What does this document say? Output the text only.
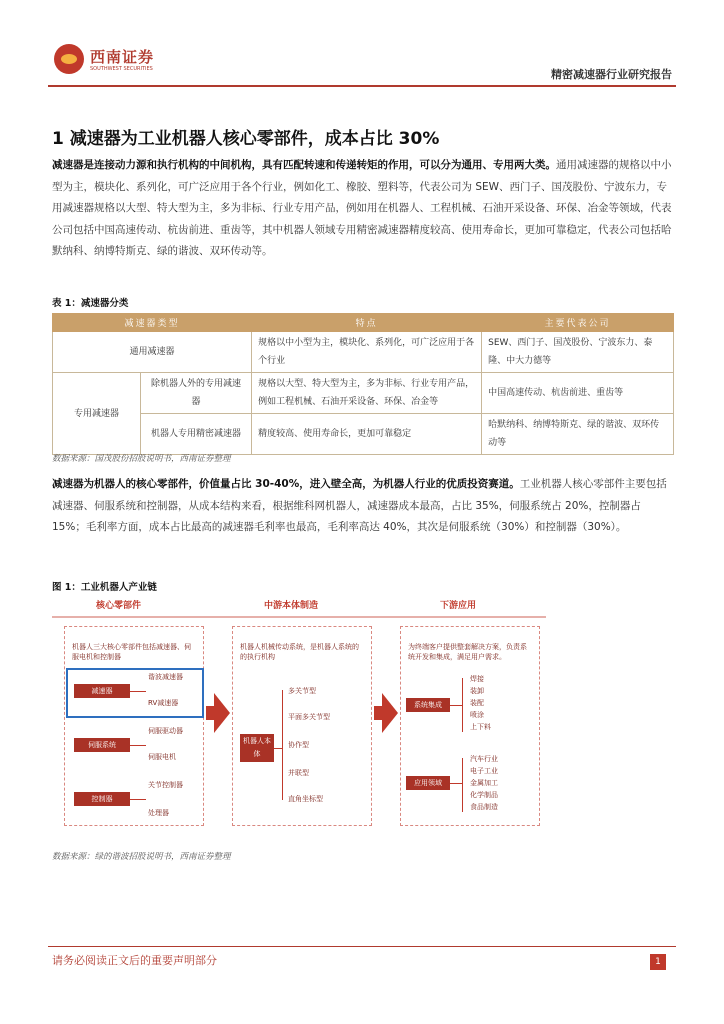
西南证券
SOUTHWEST SECURITIES	精密减速器行业研究报告
1 减速器为工业机器人核心零部件，成本占比 30%
减速器是连接动力源和执行机构的中间机构，具有匹配转速和传递转矩的作用，可以分为通用、专用两大类。通用减速器的规格以中小型为主，模块化、系列化，可广泛应用于各个行业，例如化工、橡胶、塑料等，代表公司为 SEW、西门子、国茂股份、宁波东力，专用减速器规格以大型、特大型为主，多为非标、行业专用产品，例如用在机器人、工程机械、石油开采设备、环保、冶金等领域，代表公司包括中国高速传动、杭齿前进、重齿等，其中机器人领域专用精密减速器精度较高、使用寿命长，更加可靠稳定，代表公司包括哈默纳科、纳博特斯克、绿的谐波、双环传动等。
表 1：减速器分类
减速器类型		特点	主要代表公司
通用减速器		规格以中小型为主，模块化、系列化，可广泛应用于各个行业	SEW、西门子、国茂股份、宁波东力、泰隆、中大力德等
专用减速器	除机器人外的专用减速器	规格以大型、特大型为主，多为非标、行业专用产品，例如工程机械、石油开采设备、环保、冶金等	中国高速传动、杭齿前进、重齿等
	机器人专用精密减速器	精度较高、使用寿命长，更加可靠稳定	哈默纳科、纳博特斯克、绿的谐波、双环传动等
数据来源：国茂股份招股说明书，西南证券整理
减速器为机器人的核心零部件，价值量占比 30-40%，进入壁全高，为机器人行业的优质投资赛道。工业机器人核心零部件主要包括减速器、伺服系统和控制器，从成本结构来看，根据维科网机器人，减速器成本最高，占比 35%，伺服系统占 20%，控制器占 15%；毛利率方面，成本占比最高的减速器毛利率也最高，毛利率高达 40%，其次是伺服系统（30%）和控制器（30%）。
图 1：工业机器人产业链
核心零部件	中游本体制造	下游应用
机器人三大核心零部件包括减速器、伺服电机和控制器
减速器
谐波减速器
RV减速器
伺服系统
伺服驱动器
伺服电机
控制器
关节控制器
处理器
机器人机械传动系统，是机器人系统的的执行机构
机器人本体
多关节型
平面多关节型
协作型
并联型
直角坐标型
为终端客户提供整套解决方案，负责系统开发和集成，满足用户需求。
系统集成
焊接
装卸
装配
喷涂
上下料
应用领域
汽车行业
电子工业
金属加工
化学制品
食品制造
数据来源：绿的谐波招股说明书，西南证券整理
请务必阅读正文后的重要声明部分	1
